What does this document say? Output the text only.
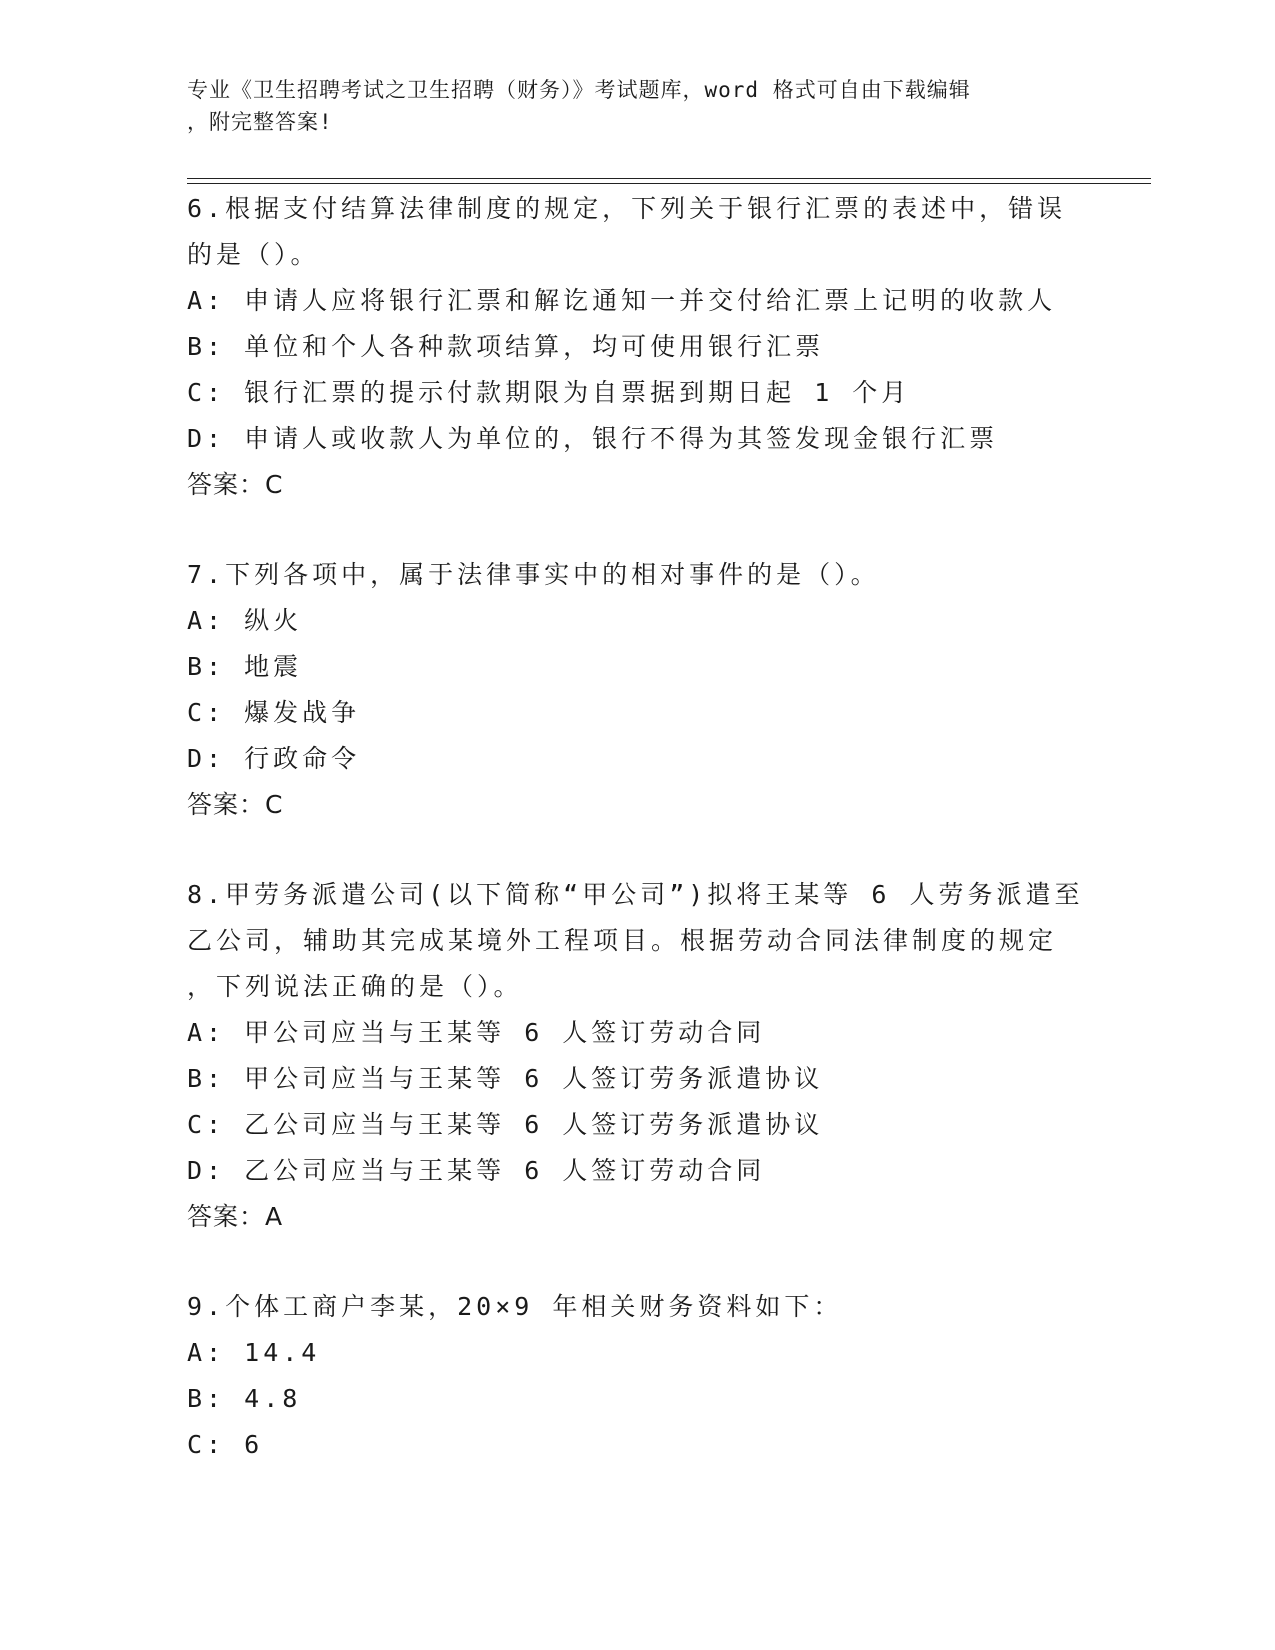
专业《卫生招聘考试之卫生招聘（财务）》考试题库，word 格式可自由下载编辑
，附完整答案!
6.根据支付结算法律制度的规定，下列关于银行汇票的表述中，错误
的是（）。
A: 申请人应将银行汇票和解讫通知一并交付给汇票上记明的收款人
B: 单位和个人各种款项结算，均可使用银行汇票
C: 银行汇票的提示付款期限为自票据到期日起 1 个月
D: 申请人或收款人为单位的，银行不得为其签发现金银行汇票
答案：C
7.下列各项中，属于法律事实中的相对事件的是（）。
A: 纵火
B: 地震
C: 爆发战争
D: 行政命令
答案：C
8.甲劳务派遣公司(以下简称“甲公司”)拟将王某等 6 人劳务派遣至
乙公司，辅助其完成某境外工程项目。根据劳动合同法律制度的规定
，下列说法正确的是（）。
A: 甲公司应当与王某等 6 人签订劳动合同
B: 甲公司应当与王某等 6 人签订劳务派遣协议
C: 乙公司应当与王某等 6 人签订劳务派遣协议
D: 乙公司应当与王某等 6 人签订劳动合同
答案：A
9.个体工商户李某，20×9 年相关财务资料如下：
A: 14.4
B: 4.8
C: 6
